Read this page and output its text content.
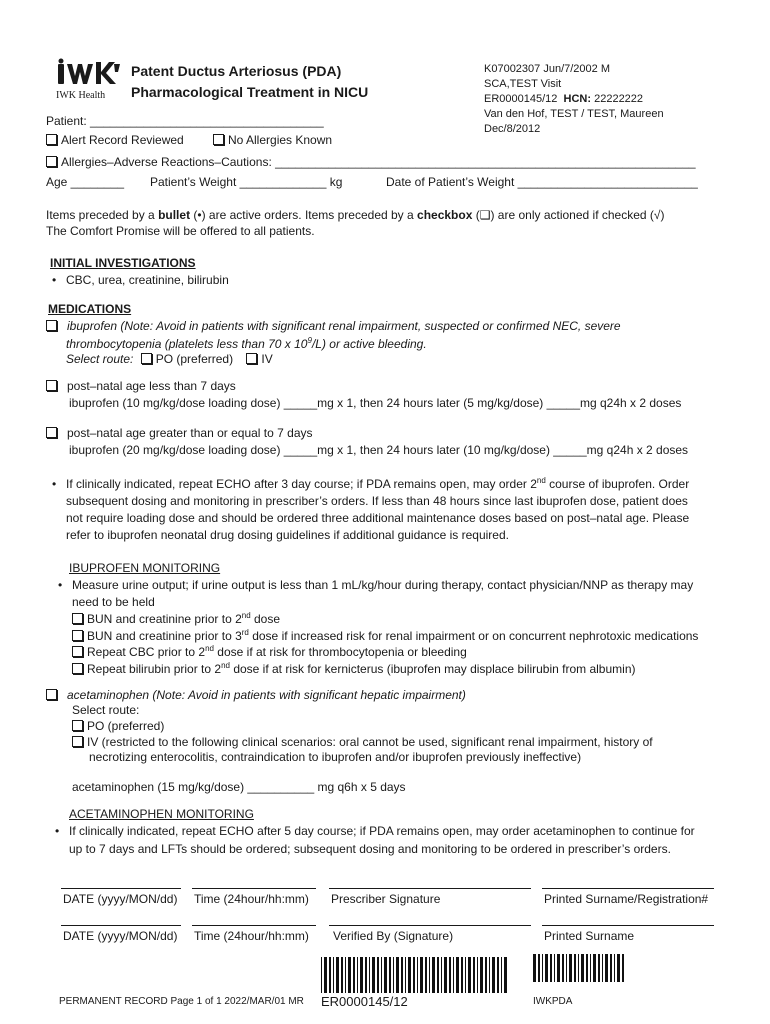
IWK Health
Patent Ductus Arteriosus (PDA)
Pharmacological Treatment in NICU
K07002307 Jun/7/2002 M
SCA,TEST Visit
ER0000145/12 HCN: 22222222
Van den Hof, TEST / TEST, Maureen
Dec/8/2012
Patient: ___________________________________
Alert Record Reviewed	No Allergies Known
Allergies–Adverse Reactions–Cautions: _______________________________________________________________
Age ________ Patient’s Weight _____________ kg	Date of Patient’s Weight ___________________________
Items preceded by a bullet (•) are active orders. Items preceded by a checkbox (❑) are only actioned if checked (√)
The Comfort Promise will be offered to all patients.
INITIAL INVESTIGATIONS
• CBC, urea, creatinine, bilirubin
MEDICATIONS
ibuprofen (Note: Avoid in patients with significant renal impairment, suspected or confirmed NEC, severe
thrombocytopenia (platelets less than 70 x $10^9/L$) or active bleeding.
Select route: PO (preferred) IV
post–natal age less than 7 days
ibuprofen (10 mg/kg/dose loading dose) _____mg x 1, then 24 hours later (5 mg/kg/dose) _____mg q24h x 2 doses
post–natal age greater than or equal to 7 days
ibuprofen (20 mg/kg/dose loading dose) _____mg x 1, then 24 hours later (10 mg/kg/dose) _____mg q24h x 2 doses
• If clinically indicated, repeat ECHO after 3 day course; if PDA remains open, may order 2nd course of ibuprofen. Order
subsequent dosing and monitoring in prescriber’s orders. If less than 48 hours since last ibuprofen dose, patient does
not require loading dose and should be ordered three additional maintenance doses based on post–natal age. Please
refer to ibuprofen neonatal drug dosing guidelines if additional guidance is required.
IBUPROFEN MONITORING
• Measure urine output; if urine output is less than 1 mL/kg/hour during therapy, contact physician/NNP as therapy may
need to be held
BUN and creatinine prior to 2nd dose
BUN and creatinine prior to 3rd dose if increased risk for renal impairment or on concurrent nephrotoxic medications
Repeat CBC prior to 2nd dose if at risk for thrombocytopenia or bleeding
Repeat bilirubin prior to 2nd dose if at risk for kernicterus (ibuprofen may displace bilirubin from albumin)
acetaminophen (Note: Avoid in patients with significant hepatic impairment)
Select route:
PO (preferred)
IV (restricted to the following clinical scenarios: oral cannot be used, significant renal impairment, history of
necrotizing enterocolitis, contraindication to ibuprofen and/or ibuprofen previously ineffective)
acetaminophen (15 mg/kg/dose) __________ mg q6h x 5 days
ACETAMINOPHEN MONITORING
• If clinically indicated, repeat ECHO after 5 day course; if PDA remains open, may order acetaminophen to continue for
up to 7 days and LFTs should be ordered; subsequent dosing and monitoring to be ordered in prescriber’s orders.
DATE (yyyy/MON/dd) Time (24hour/hh:mm) Prescriber Signature	Printed Surname/Registration#
DATE (yyyy/MON/dd) Time (24hour/hh:mm) Verified By (Signature)	Printed Surname
PERMANENT RECORD Page 1 of 1 2022/MAR/01 MR ER0000145/12	IWKPDA
